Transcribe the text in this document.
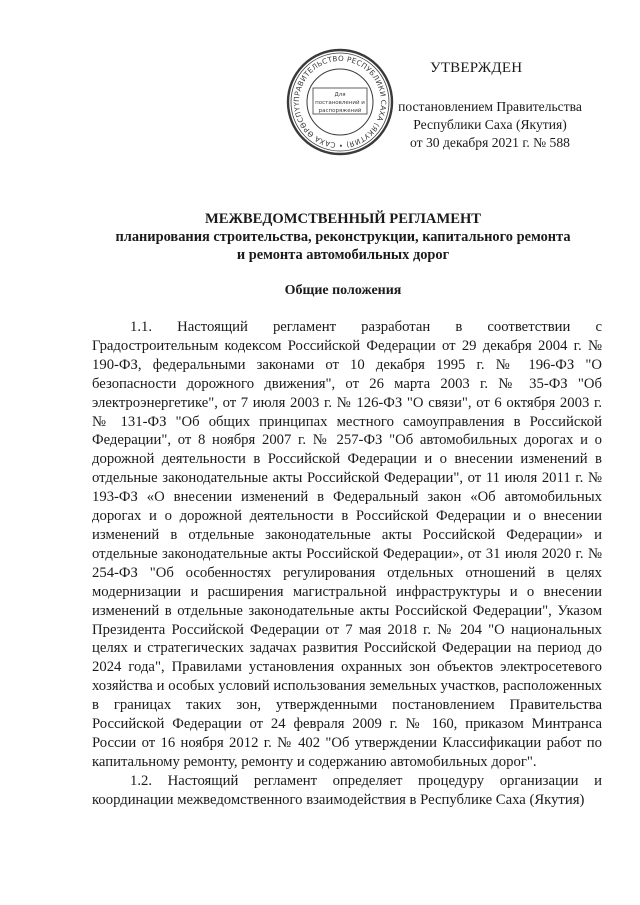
ПРАВИТЕЛЬСТВО РЕСПУБЛИКИ САХА (ЯКУТИЯ) • САХА ӨРӨСПҮҮ
Для
постановлений и
распоряжений
УТВЕРЖДЕН
постановлением Правительства
Республики Саха (Якутия)
от 30 декабря 2021 г. № 588
МЕЖВЕДОМСТВЕННЫЙ РЕГЛАМЕНТ
планирования строительства, реконструкции, капитального ремонта
и ремонта автомобильных дорог
Общие положения

1.1. Настоящий регламент разработан в соответствии с Градостроительным кодексом Российской Федерации от 29 декабря 2004 г. № 190-ФЗ, федеральными законами от 10 декабря 1995 г. № 196-ФЗ "О безопасности дорожного движения", от 26 марта 2003 г. № 35-ФЗ "Об электроэнергетике", от 7 июля 2003 г. № 126-ФЗ "О связи", от 6 октября 2003 г. № 131-ФЗ "Об общих принципах местного самоуправления в Российской Федерации", от 8 ноября 2007 г. № 257-ФЗ "Об автомобильных дорогах и о дорожной деятельности в Российской Федерации и о внесении изменений в отдельные законодательные акты Российской Федерации", от 11 июля 2011 г. № 193-ФЗ «О внесении изменений в Федеральный закон «Об автомобильных дорогах и о дорожной деятельности в Российской Федерации и о внесении изменений в отдельные законодательные акты Российской Федерации» и отдельные законодательные акты Российской Федерации», от 31 июля 2020 г. № 254-ФЗ "Об особенностях регулирования отдельных отношений в целях модернизации и расширения магистральной инфраструктуры и о внесении изменений в отдельные законодательные акты Российской Федерации", Указом Президента Российской Федерации от 7 мая 2018 г. № 204 "О национальных целях и стратегических задачах развития Российской Федерации на период до 2024 года", Правилами установления охранных зон объектов электросетевого хозяйства и особых условий использования земельных участков, расположенных в границах таких зон, утвержденными постановлением Правительства Российской Федерации от 24 февраля 2009 г. № 160, приказом Минтранса России от 16 ноября 2012 г. № 402 "Об утверждении Классификации работ по капитальному ремонту, ремонту и содержанию автомобильных дорог".

1.2. Настоящий регламент определяет процедуру организации и координации межведомственного взаимодействия в Республике Саха (Якутия)
